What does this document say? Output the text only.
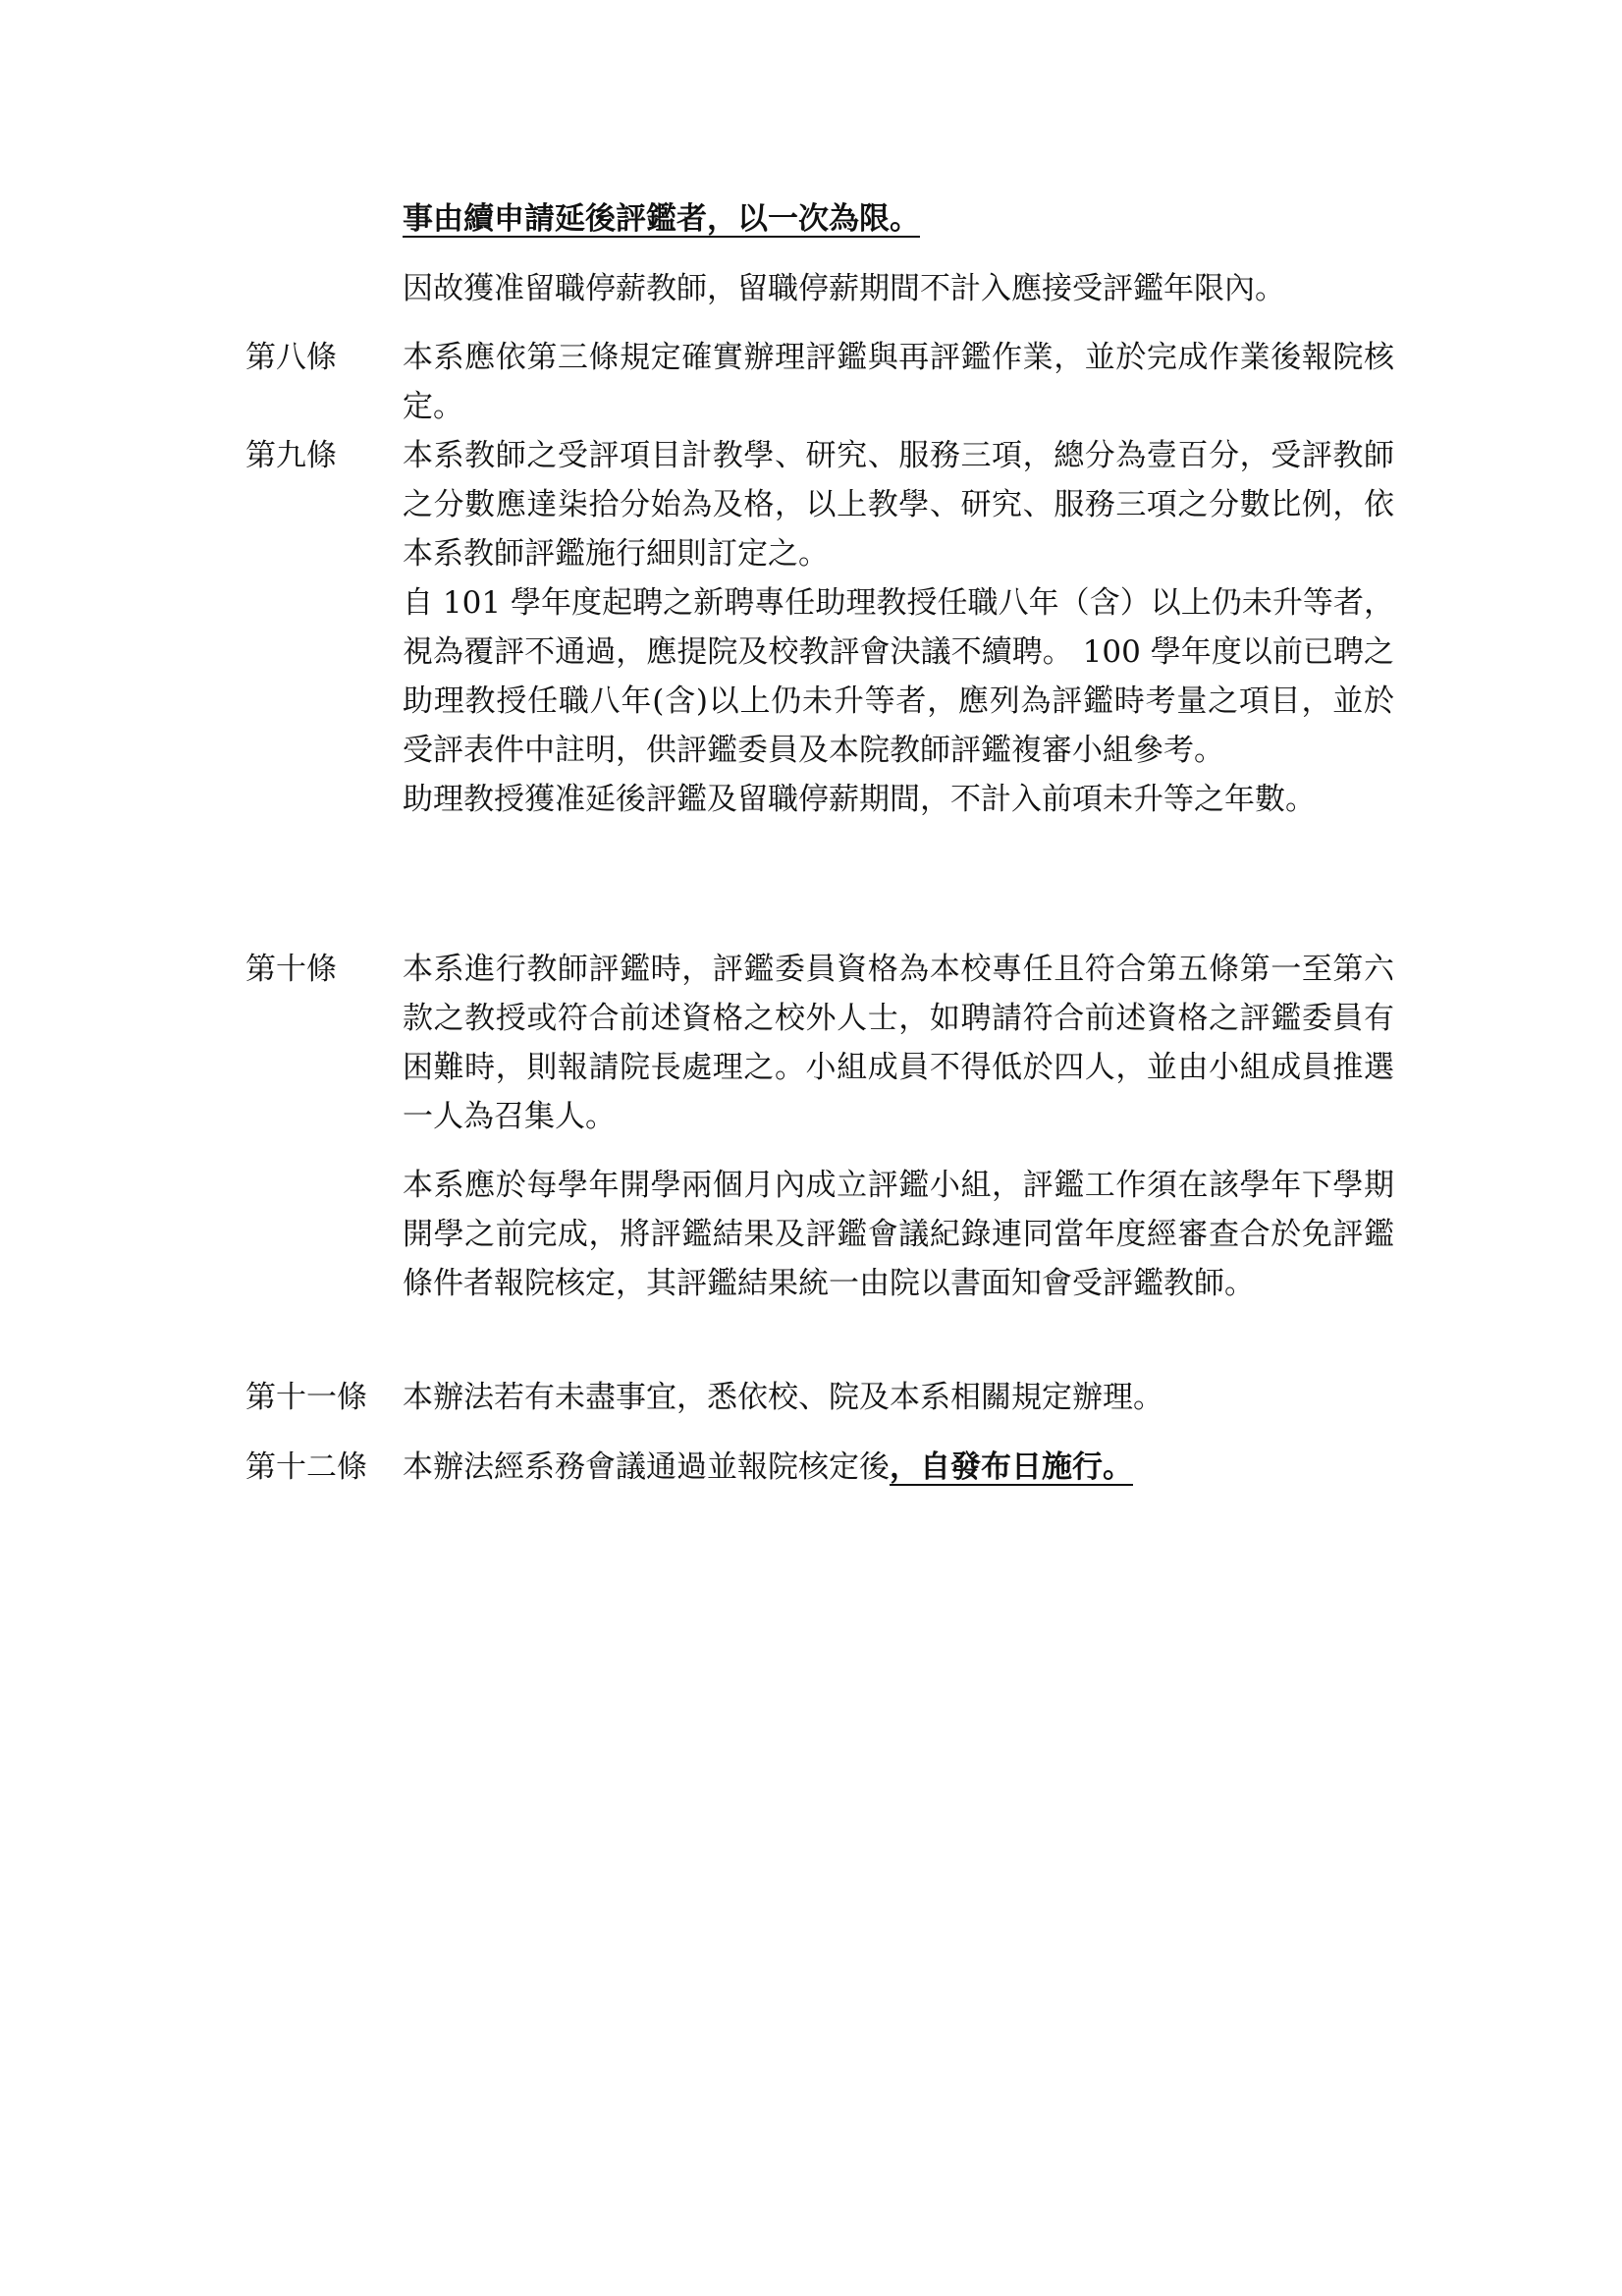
事由續申請延後評鑑者，以一次為限。

因故獲准留職停薪教師，留職停薪期間不計入應接受評鑑年限內。

第八條	本系應依第三條規定確實辦理評鑑與再評鑑作業，並於完成作業後報院核定。

第九條	本系教師之受評項目計教學、研究、服務三項，總分為壹百分，受評教師之分數應達柒拾分始為及格，以上教學、研究、服務三項之分數比例，依本系教師評鑑施行細則訂定之。

自 101 學年度起聘之新聘專任助理教授任職八年（含）以上仍未升等者，視為覆評不通過，應提院及校教評會決議不續聘。 100 學年度以前已聘之助理教授任職八年(含)以上仍未升等者，應列為評鑑時考量之項目，並於受評表件中註明，供評鑑委員及本院教師評鑑複審小組參考。

助理教授獲准延後評鑑及留職停薪期間，不計入前項未升等之年數。

第十條	本系進行教師評鑑時，評鑑委員資格為本校專任且符合第五條第一至第六款之教授或符合前述資格之校外人士，如聘請符合前述資格之評鑑委員有困難時，則報請院長處理之。小組成員不得低於四人，並由小組成員推選一人為召集人。

本系應於每學年開學兩個月內成立評鑑小組，評鑑工作須在該學年下學期開學之前完成，將評鑑結果及評鑑會議紀錄連同當年度經審查合於免評鑑條件者報院核定，其評鑑結果統一由院以書面知會受評鑑教師。

第十一條	本辦法若有未盡事宜，悉依校、院及本系相關規定辦理。

第十二條	本辦法經系務會議通過並報院核定後，自發布日施行。
